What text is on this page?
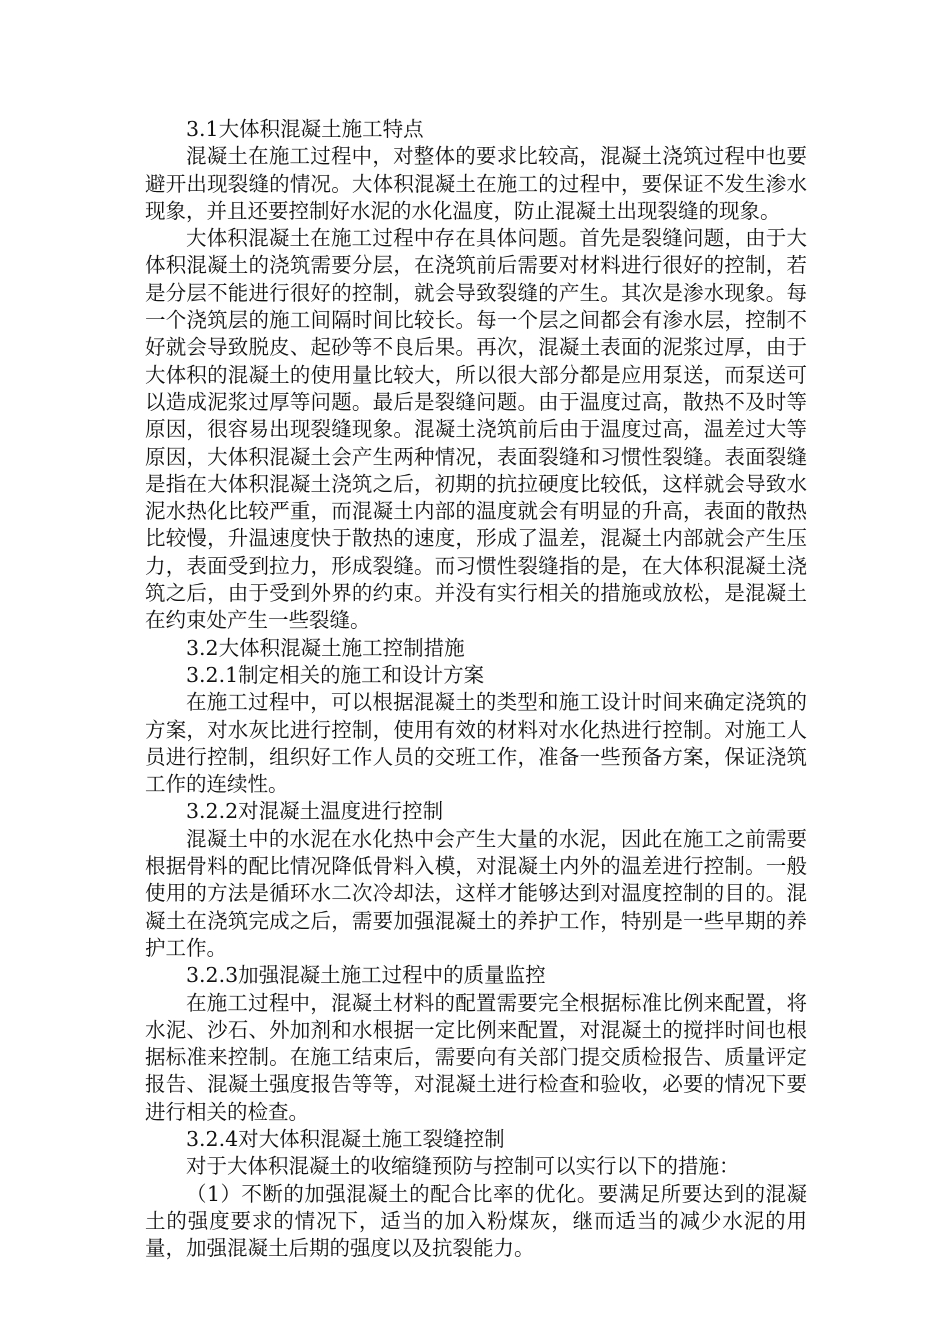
3.1大体积混凝土施工特点

混凝土在施工过程中，对整体的要求比较高，混凝土浇筑过程中也要避开出现裂缝的情况。大体积混凝土在施工的过程中，要保证不发生渗水现象，并且还要控制好水泥的水化温度，防止混凝土出现裂缝的现象。

大体积混凝土在施工过程中存在具体问题。首先是裂缝问题，由于大体积混凝土的浇筑需要分层，在浇筑前后需要对材料进行很好的控制，若是分层不能进行很好的控制，就会导致裂缝的产生。其次是渗水现象。每一个浇筑层的施工间隔时间比较长。每一个层之间都会有渗水层，控制不好就会导致脱皮、起砂等不良后果。再次，混凝土表面的泥浆过厚，由于大体积的混凝土的使用量比较大，所以很大部分都是应用泵送，而泵送可以造成泥浆过厚等问题。最后是裂缝问题。由于温度过高，散热不及时等原因，很容易出现裂缝现象。混凝土浇筑前后由于温度过高，温差过大等原因，大体积混凝土会产生两种情况，表面裂缝和习惯性裂缝。表面裂缝是指在大体积混凝土浇筑之后，初期的抗拉硬度比较低，这样就会导致水泥水热化比较严重，而混凝土内部的温度就会有明显的升高，表面的散热比较慢，升温速度快于散热的速度，形成了温差，混凝土内部就会产生压力，表面受到拉力，形成裂缝。而习惯性裂缝指的是，在大体积混凝土浇筑之后，由于受到外界的约束。并没有实行相关的措施或放松，是混凝土在约束处产生一些裂缝。

3.2大体积混凝土施工控制措施

3.2.1制定相关的施工和设计方案

在施工过程中，可以根据混凝土的类型和施工设计时间来确定浇筑的方案，对水灰比进行控制，使用有效的材料对水化热进行控制。对施工人员进行控制，组织好工作人员的交班工作，准备一些预备方案，保证浇筑工作的连续性。

3.2.2对混凝土温度进行控制

混凝土中的水泥在水化热中会产生大量的水泥，因此在施工之前需要根据骨料的配比情况降低骨料入模，对混凝土内外的温差进行控制。一般使用的方法是循环水二次冷却法，这样才能够达到对温度控制的目的。混凝土在浇筑完成之后，需要加强混凝土的养护工作，特别是一些早期的养护工作。

3.2.3加强混凝土施工过程中的质量监控

在施工过程中，混凝土材料的配置需要完全根据标准比例来配置，将水泥、沙石、外加剂和水根据一定比例来配置，对混凝土的搅拌时间也根据标准来控制。在施工结束后，需要向有关部门提交质检报告、质量评定报告、混凝土强度报告等等，对混凝土进行检查和验收，必要的情况下要进行相关的检查。

3.2.4对大体积混凝土施工裂缝控制

对于大体积混凝土的收缩缝预防与控制可以实行以下的措施：

（1）不断的加强混凝土的配合比率的优化。要满足所要达到的混凝土的强度要求的情况下，适当的加入粉煤灰，继而适当的减少水泥的用量，加强混凝土后期的强度以及抗裂能力。
